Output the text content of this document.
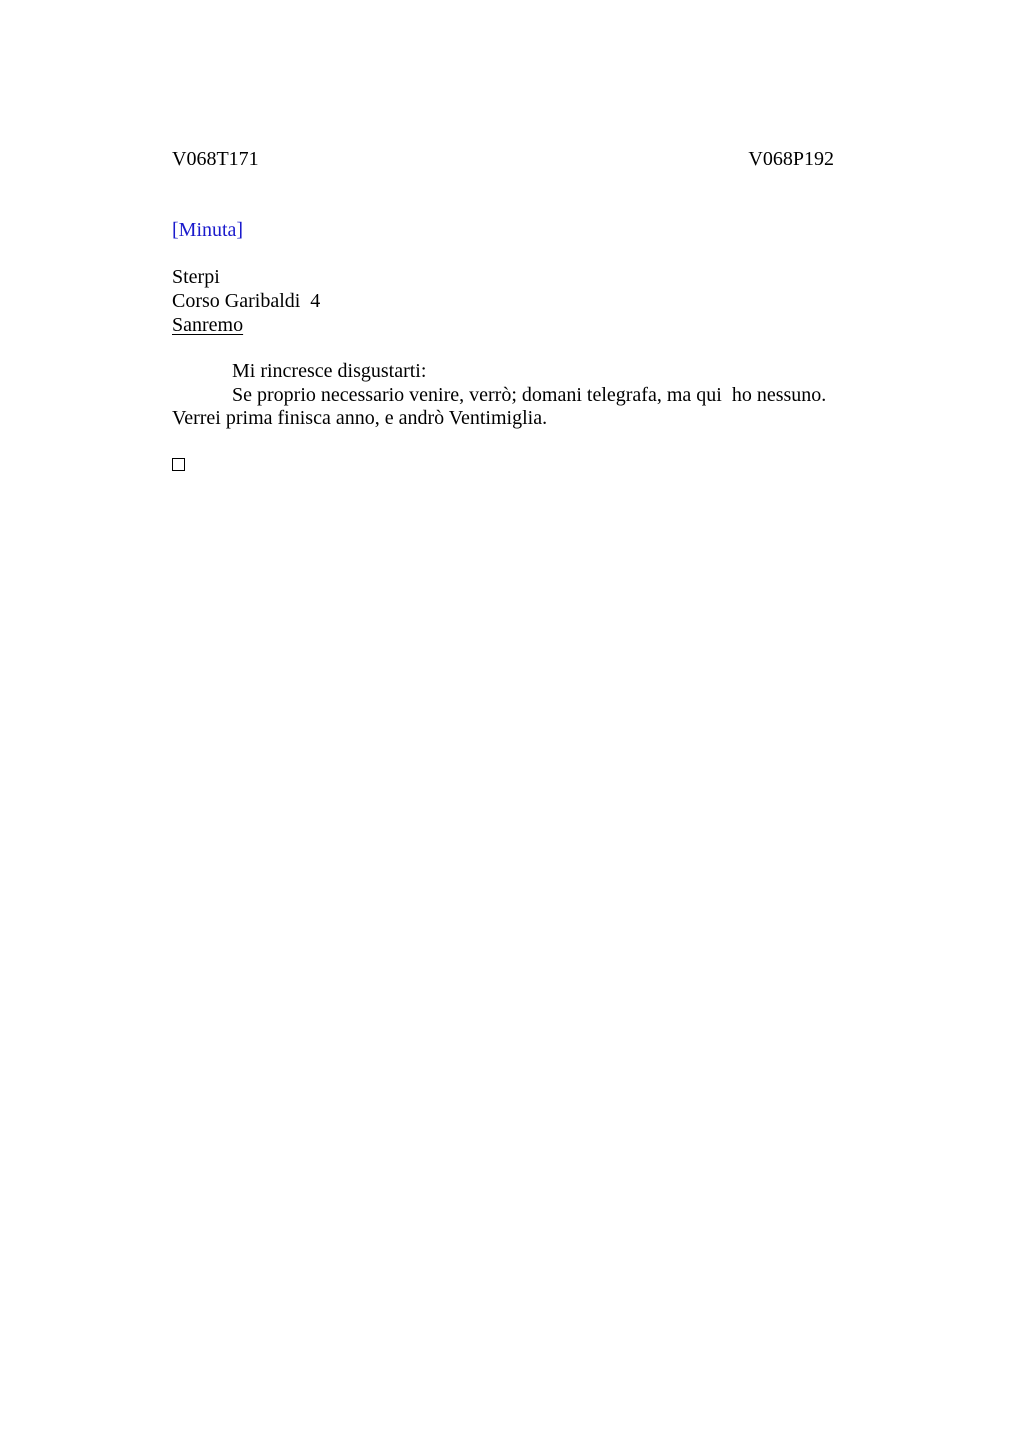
V068T171	V068P192
[Minuta]
Sterpi
Corso Garibaldi  4
Sanremo
Mi rincresce disgustarti:
Se proprio necessario venire, verrò; domani telegrafa, ma qui  ho nessuno.
Verrei prima finisca anno, e andrò Ventimiglia.
